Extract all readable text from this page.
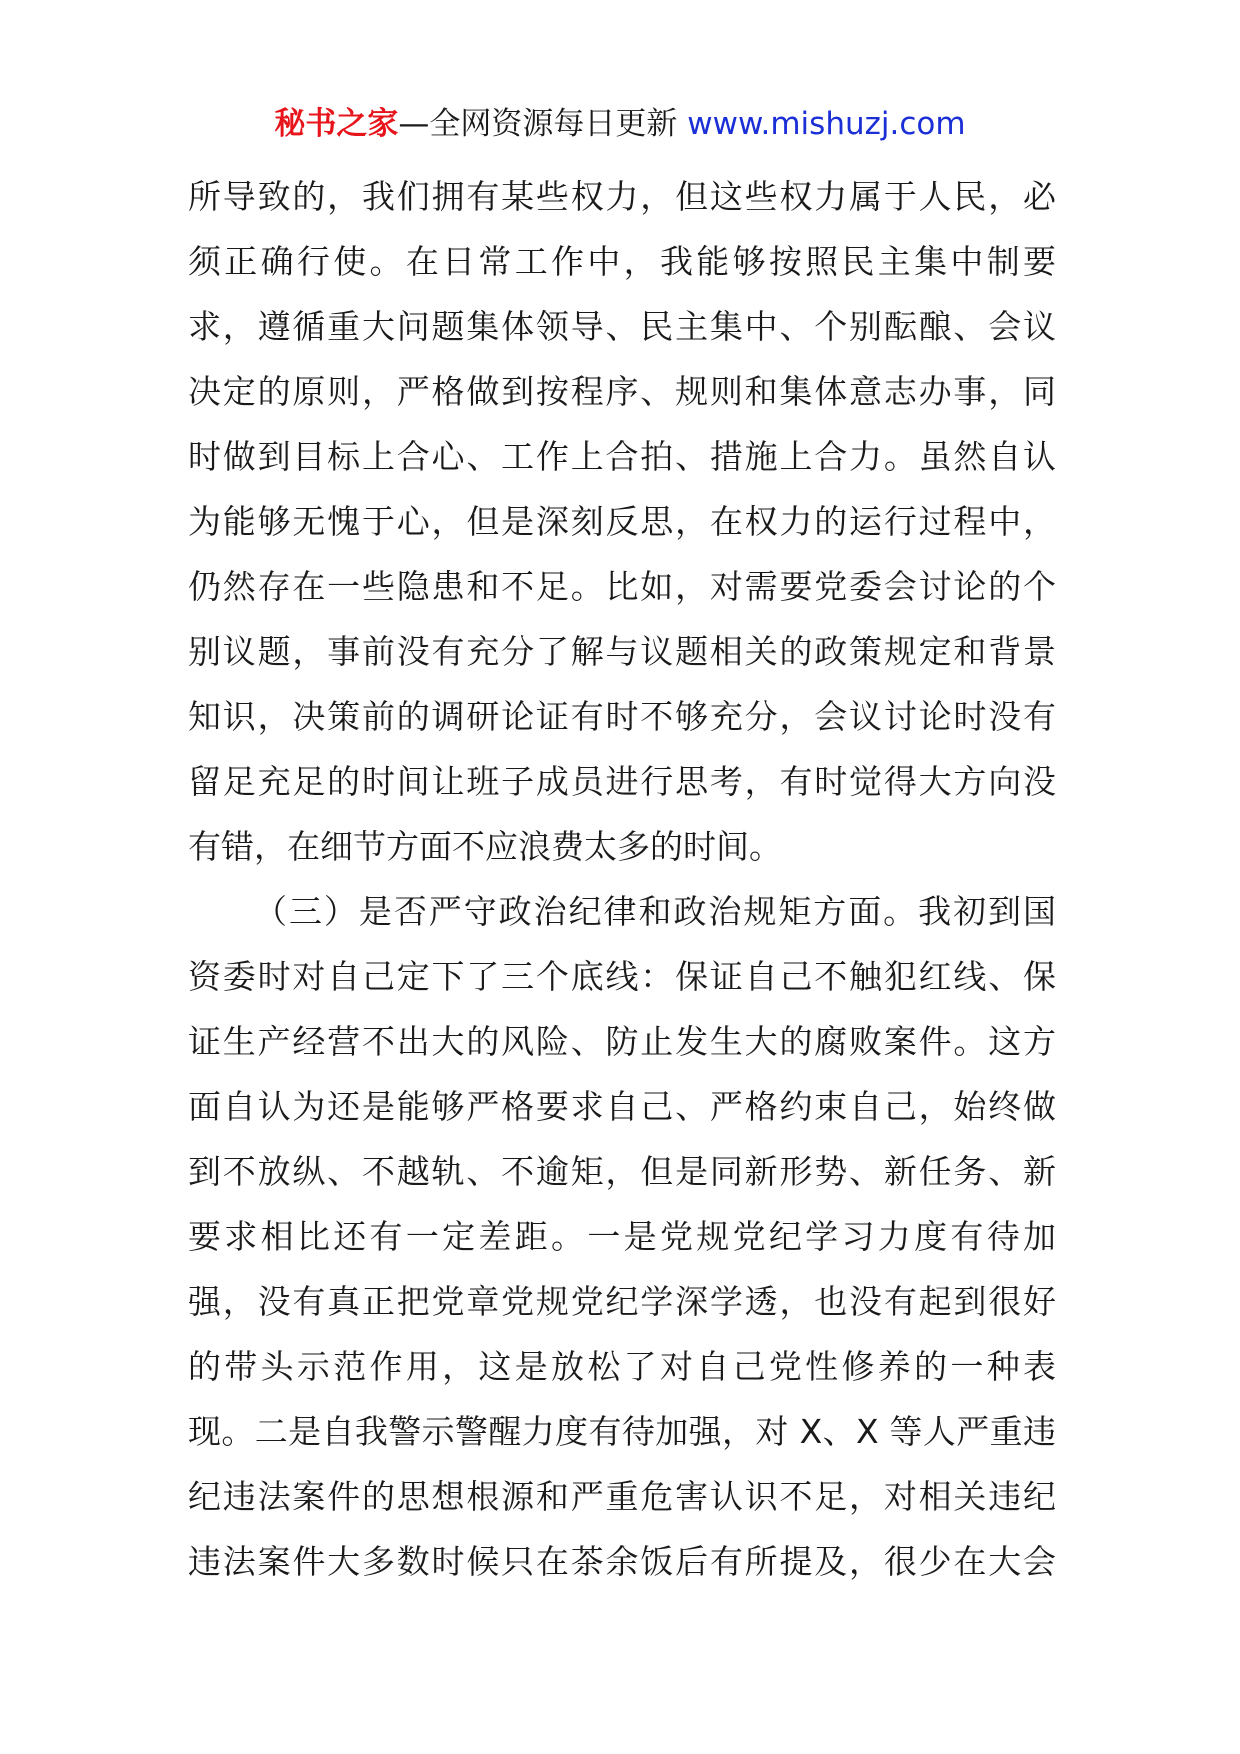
秘书之家—全网资源每日更新 www.mishuzj.com
所导致的，我们拥有某些权力，但这些权力属于人民，必
须正确行使。在日常工作中，我能够按照民主集中制要
求，遵循重大问题集体领导、民主集中、个别酝酿、会议
决定的原则，严格做到按程序、规则和集体意志办事，同
时做到目标上合心、工作上合拍、措施上合力。虽然自认
为能够无愧于心，但是深刻反思，在权力的运行过程中，
仍然存在一些隐患和不足。比如，对需要党委会讨论的个
别议题，事前没有充分了解与议题相关的政策规定和背景
知识，决策前的调研论证有时不够充分，会议讨论时没有
留足充足的时间让班子成员进行思考，有时觉得大方向没
有错，在细节方面不应浪费太多的时间。
（三）是否严守政治纪律和政治规矩方面。我初到国
资委时对自己定下了三个底线：保证自己不触犯红线、保
证生产经营不出大的风险、防止发生大的腐败案件。这方
面自认为还是能够严格要求自己、严格约束自己，始终做
到不放纵、不越轨、不逾矩，但是同新形势、新任务、新
要求相比还有一定差距。一是党规党纪学习力度有待加
强，没有真正把党章党规党纪学深学透，也没有起到很好
的带头示范作用，这是放松了对自己党性修养的一种表
现。二是自我警示警醒力度有待加强，对 X、X 等人严重违
纪违法案件的思想根源和严重危害认识不足，对相关违纪
违法案件大多数时候只在茶余饭后有所提及，很少在大会
